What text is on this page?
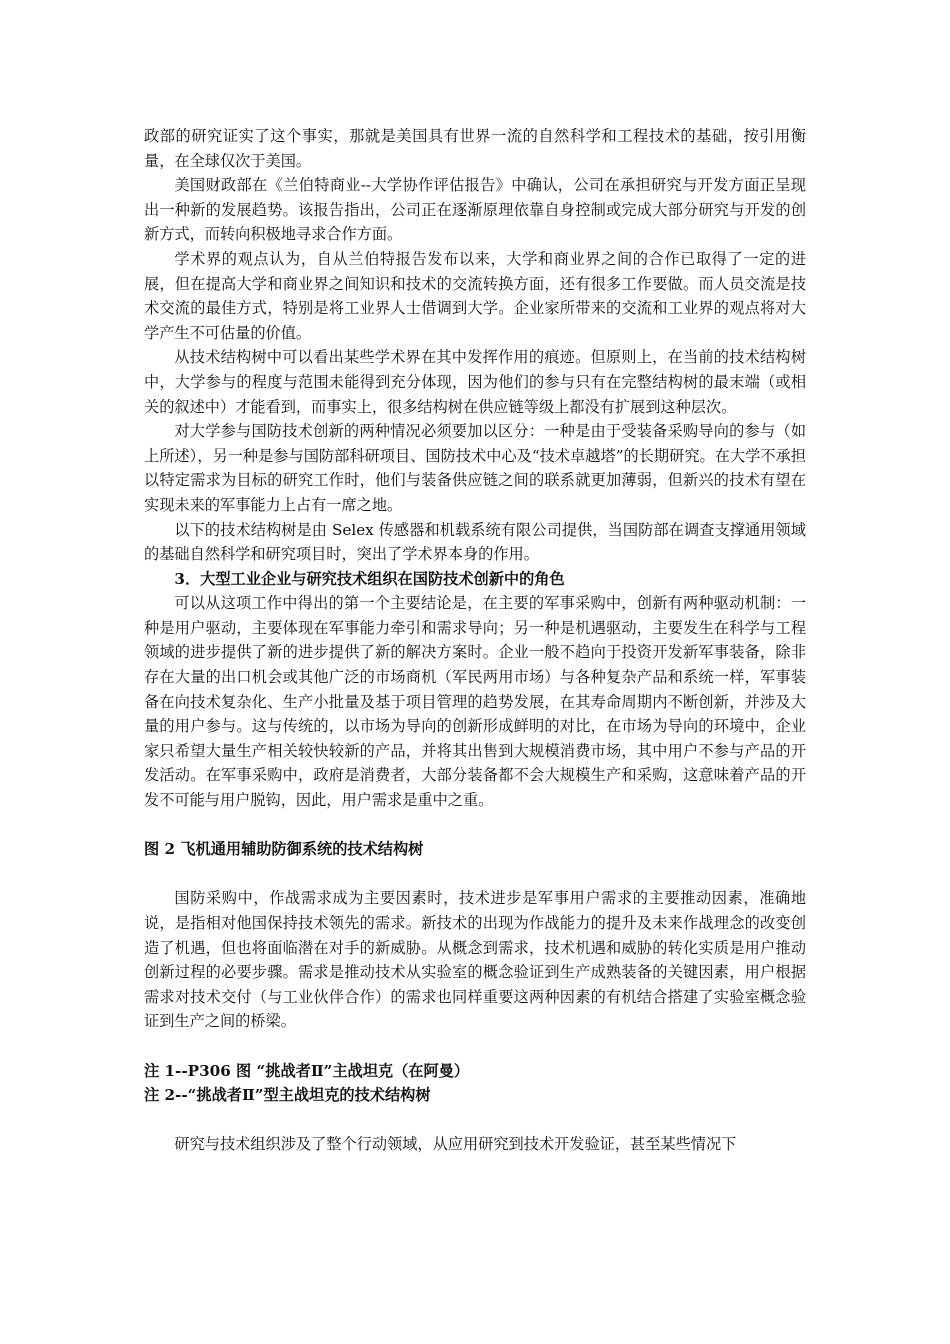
政部的研究证实了这个事实，那就是美国具有世界一流的自然科学和工程技术的基础，按引用衡量，在全球仅次于美国。

美国财政部在《兰伯特商业--大学协作评估报告》中确认，公司在承担研究与开发方面正呈现出一种新的发展趋势。该报告指出，公司正在逐渐原理依靠自身控制或完成大部分研究与开发的创新方式，而转向积极地寻求合作方面。

学术界的观点认为，自从兰伯特报告发布以来，大学和商业界之间的合作已取得了一定的进展，但在提高大学和商业界之间知识和技术的交流转换方面，还有很多工作要做。而人员交流是技术交流的最佳方式，特别是将工业界人士借调到大学。企业家所带来的交流和工业界的观点将对大学产生不可估量的价值。

从技术结构树中可以看出某些学术界在其中发挥作用的痕迹。但原则上，在当前的技术结构树中，大学参与的程度与范围未能得到充分体现，因为他们的参与只有在完整结构树的最末端（或相关的叙述中）才能看到，而事实上，很多结构树在供应链等级上都没有扩展到这种层次。

对大学参与国防技术创新的两种情况必须要加以区分：一种是由于受装备采购导向的参与（如上所述），另一种是参与国防部科研项目、国防技术中心及“技术卓越塔”的长期研究。在大学不承担以特定需求为目标的研究工作时，他们与装备供应链之间的联系就更加薄弱，但新兴的技术有望在实现未来的军事能力上占有一席之地。

以下的技术结构树是由 Selex 传感器和机载系统有限公司提供，当国防部在调查支撑通用领域的基础自然科学和研究项目时，突出了学术界本身的作用。

3．大型工业企业与研究技术组织在国防技术创新中的角色

可以从这项工作中得出的第一个主要结论是，在主要的军事采购中，创新有两种驱动机制：一种是用户驱动，主要体现在军事能力牵引和需求导向；另一种是机遇驱动，主要发生在科学与工程领域的进步提供了新的进步提供了新的解决方案时。企业一般不趋向于投资开发新军事装备，除非存在大量的出口机会或其他广泛的市场商机（军民两用市场）与各种复杂产品和系统一样，军事装备在向技术复杂化、生产小批量及基于项目管理的趋势发展，在其寿命周期内不断创新，并涉及大量的用户参与。这与传统的，以市场为导向的创新形成鲜明的对比，在市场为导向的环境中，企业家只希望大量生产相关较快较新的产品，并将其出售到大规模消费市场，其中用户不参与产品的开发活动。在军事采购中，政府是消费者，大部分装备都不会大规模生产和采购，这意味着产品的开发不可能与用户脱钩，因此，用户需求是重中之重。

图 2 飞机通用辅助防御系统的技术结构树

国防采购中，作战需求成为主要因素时，技术进步是军事用户需求的主要推动因素，准确地说，是指相对他国保持技术领先的需求。新技术的出现为作战能力的提升及未来作战理念的改变创造了机遇，但也将面临潜在对手的新威胁。从概念到需求，技术机遇和威胁的转化实质是用户推动创新过程的必要步骤。需求是推动技术从实验室的概念验证到生产成熟装备的关键因素，用户根据需求对技术交付（与工业伙伴合作）的需求也同样重要这两种因素的有机结合搭建了实验室概念验证到生产之间的桥梁。

注 1--P306 图 “挑战者Ⅱ”主战坦克（在阿曼）

注 2--“挑战者Ⅱ”型主战坦克的技术结构树

研究与技术组织涉及了整个行动领域，从应用研究到技术开发验证，甚至某些情况下
